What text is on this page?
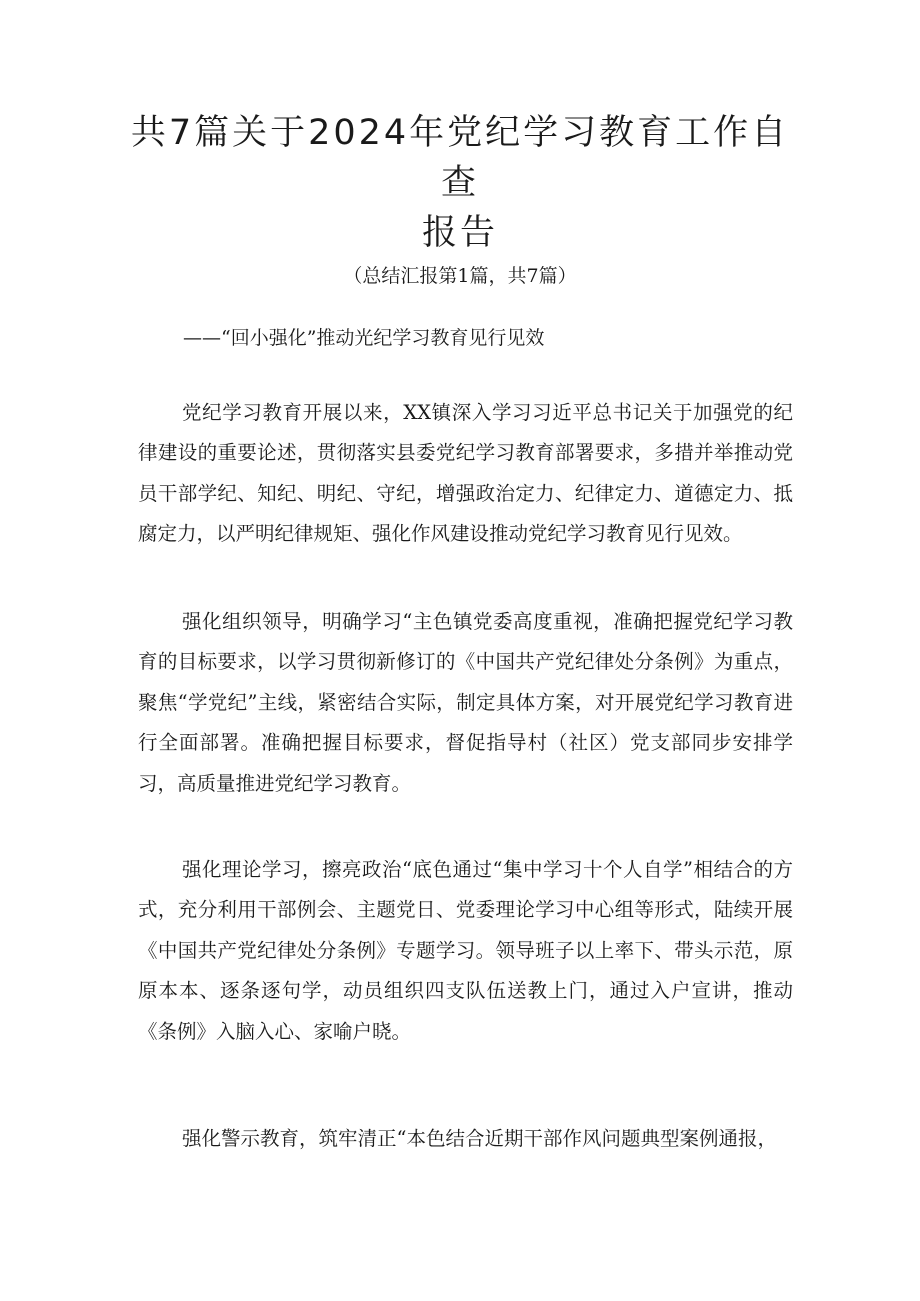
共7篇关于2024年党纪学习教育工作自查
报告

（总结汇报第1篇，共7篇）

——“回小强化”推动光纪学习教育见行见效

党纪学习教育开展以来，XX镇深入学习习近平总书记关于加强党的纪律建设的重要论述，贯彻落实县委党纪学习教育部署要求，多措并举推动党员干部学纪、知纪、明纪、守纪，增强政治定力、纪律定力、道德定力、抵腐定力，以严明纪律规矩、强化作风建设推动党纪学习教育见行见效。

强化组织领导，明确学习“主色镇党委高度重视，准确把握党纪学习教育的目标要求，以学习贯彻新修订的《中国共产党纪律处分条例》为重点，聚焦“学党纪”主线，紧密结合实际，制定具体方案，对开展党纪学习教育进行全面部署。准确把握目标要求，督促指导村（社区）党支部同步安排学习，高质量推进党纪学习教育。

强化理论学习，擦亮政治“底色通过“集中学习十个人自学”相结合的方式，充分利用干部例会、主题党日、党委理论学习中心组等形式，陆续开展《中国共产党纪律处分条例》专题学习。领导班子以上率下、带头示范，原原本本、逐条逐句学，动员组织四支队伍送教上门，通过入户宣讲，推动《条例》入脑入心、家喻户晓。

强化警示教育，筑牢清正“本色结合近期干部作风问题典型案例通报，
